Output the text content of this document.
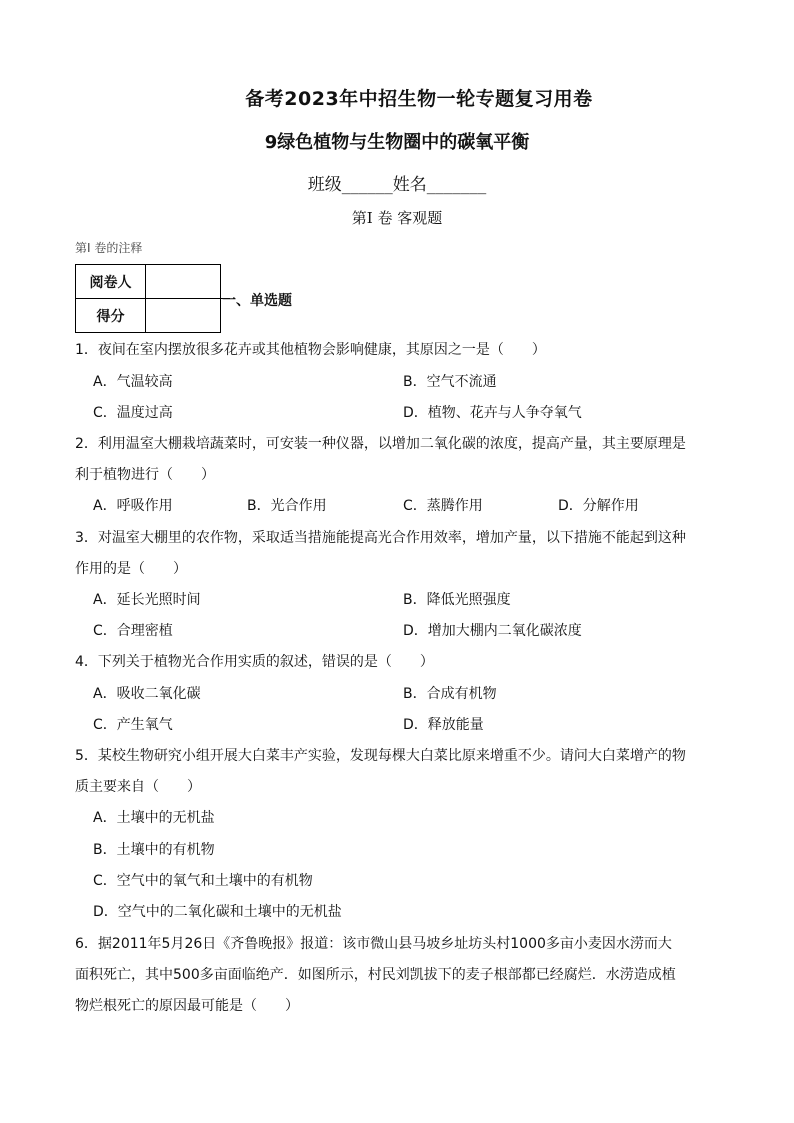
备考2023年中招生物一轮专题复习用卷
9绿色植物与生物圈中的碳氧平衡
班级______姓名_______
第Ⅰ 卷 客观题
第Ⅰ 卷的注释
阅卷人	
得分	
一、单选题
1．夜间在室内摆放很多花卉或其他植物会影响健康，其原因之一是（　　）
A．气温较高	B．空气不流通
C．温度过高	D．植物、花卉与人争夺氧气
2．利用温室大棚栽培蔬菜时，可安装一种仪器，以增加二氧化碳的浓度，提高产量，其主要原理是
利于植物进行（　　）
A．呼吸作用	B．光合作用	C．蒸腾作用	D．分解作用
3．对温室大棚里的农作物，采取适当措施能提高光合作用效率，增加产量，以下措施不能起到这种
作用的是（　　）
A．延长光照时间	B．降低光照强度
C．合理密植	D．增加大棚内二氧化碳浓度
4．下列关于植物光合作用实质的叙述，错误的是（　　）
A．吸收二氧化碳	B．合成有机物
C．产生氧气	D．释放能量
5．某校生物研究小组开展大白菜丰产实验，发现每棵大白菜比原来增重不少。请问大白菜增产的物
质主要来自（　　）
A．土壤中的无机盐
B．土壤中的有机物
C．空气中的氧气和土壤中的有机物
D．空气中的二氧化碳和土壤中的无机盐
6．据2011年5月26日《齐鲁晚报》报道：该市微山县马坡乡址坊头村1000多亩小麦因水涝而大
面积死亡，其中500多亩面临绝产．如图所示，村民刘凯拔下的麦子根部都已经腐烂．水涝造成植
物烂根死亡的原因最可能是（　　）
